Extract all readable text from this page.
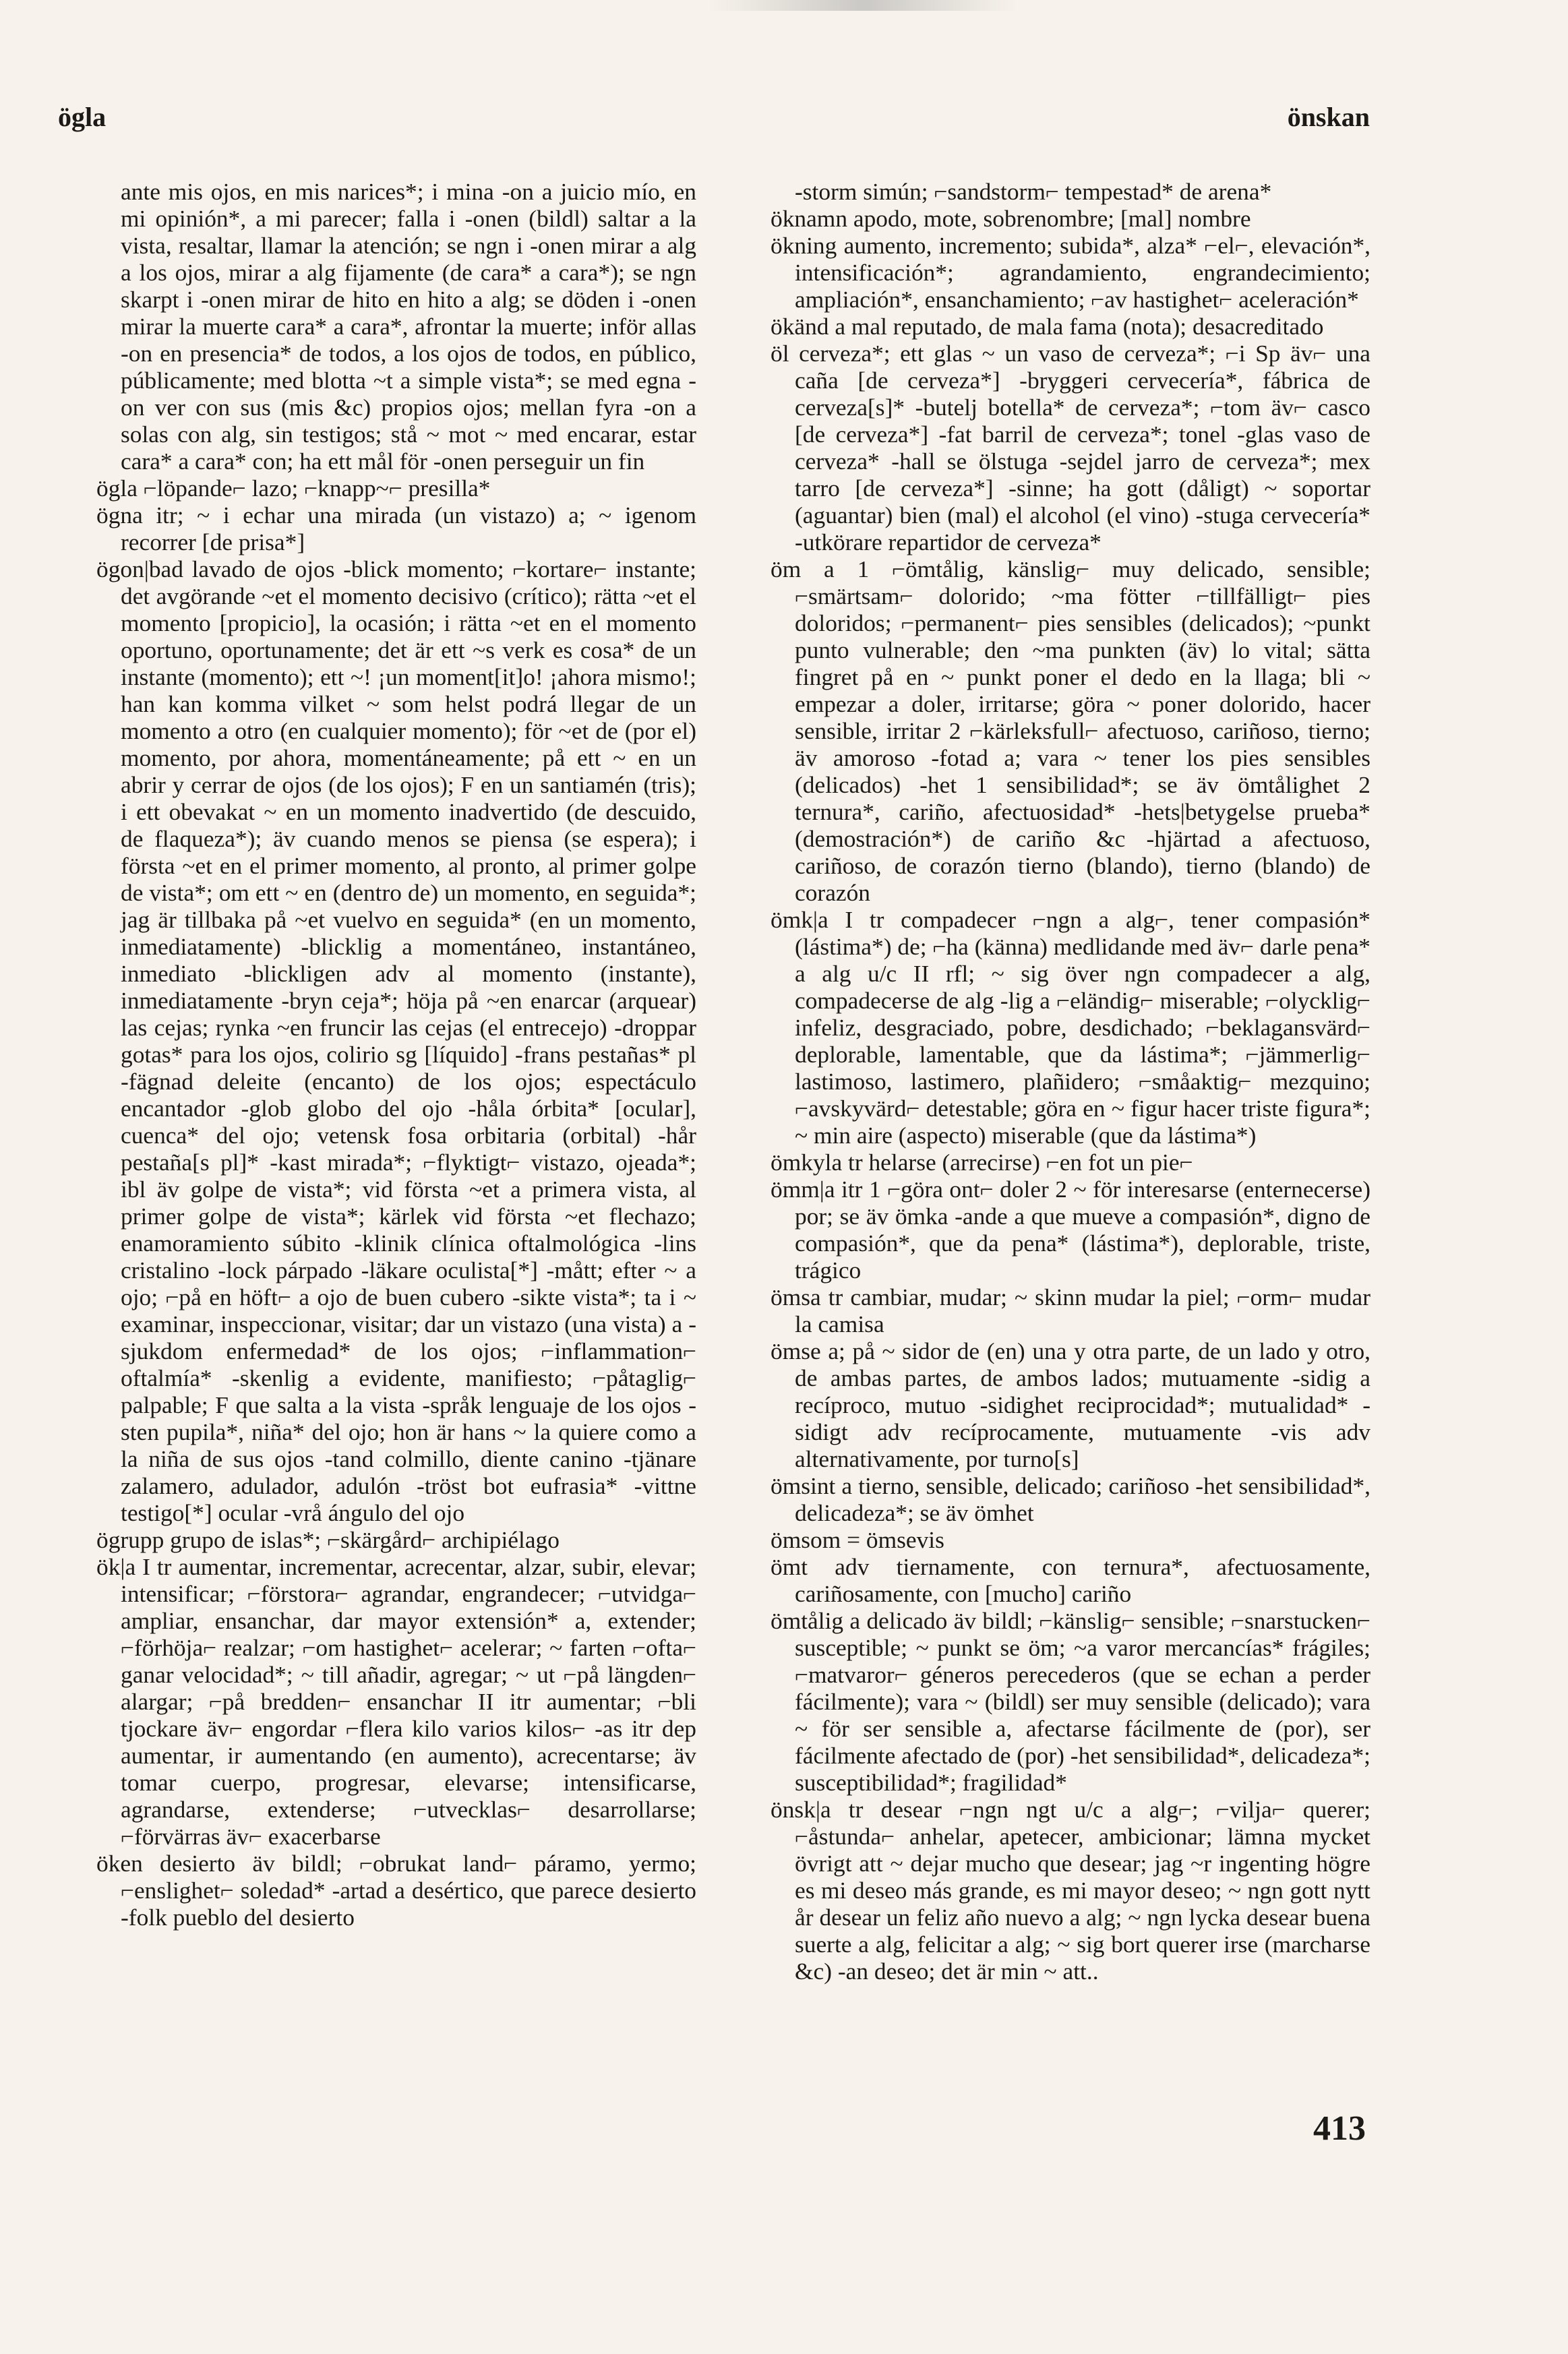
ögla	önskan

ante mis ojos, en mis narices*; i mina -on a juicio mío, en mi opinión*, a mi parecer; falla i -onen (bildl) saltar a la vista, resaltar, llamar la atención; se ngn i -onen mirar a alg a los ojos, mirar a alg fijamente (de cara* a cara*); se ngn skarpt i -onen mirar de hito en hito a alg; se döden i -onen mirar la muerte cara* a cara*, afrontar la muerte; inför allas -on en presencia* de todos, a los ojos de todos, en público, públicamente; med blotta ~t a simple vista*; se med egna -on ver con sus (mis &c) propios ojos; mellan fyra -on a solas con alg, sin testigos; stå ~ mot ~ med encarar, estar cara* a cara* con; ha ett mål för -onen perseguir un fin

ögla ⌐löpande⌐ lazo; ⌐knapp~⌐ presilla*

ögna itr; ~ i echar una mirada (un vistazo) a; ~ igenom recorrer [de prisa*]

ögon|bad lavado de ojos -blick momento; ⌐kortare⌐ instante; det avgörande ~et el momento decisivo (crítico); rätta ~et el momento [propicio], la ocasión; i rätta ~et en el momento oportuno, oportunamente; det är ett ~s verk es cosa* de un instante (momento); ett ~! ¡un moment[it]o! ¡ahora mismo!; han kan komma vilket ~ som helst podrá llegar de un momento a otro (en cualquier momento); för ~et de (por el) momento, por ahora, momentáneamente; på ett ~ en un abrir y cerrar de ojos (de los ojos); F en un santiamén (tris); i ett obevakat ~ en un momento inadvertido (de descuido, de flaqueza*); äv cuando menos se piensa (se espera); i första ~et en el primer momento, al pronto, al primer golpe de vista*; om ett ~ en (dentro de) un momento, en seguida*; jag är tillbaka på ~et vuelvo en seguida* (en un momento, inmediatamente) -blicklig a momentáneo, instantáneo, inmediato -blickligen adv al momento (instante), inmediatamente -bryn ceja*; höja på ~en enarcar (arquear) las cejas; rynka ~en fruncir las cejas (el entrecejo) -droppar gotas* para los ojos, colirio sg [líquido] -frans pestañas* pl -fägnad deleite (encanto) de los ojos; espectáculo encantador -glob globo del ojo -håla órbita* [ocular], cuenca* del ojo; vetensk fosa orbitaria (orbital) -hår pestaña[s pl]* -kast mirada*; ⌐flyktigt⌐ vistazo, ojeada*; ibl äv golpe de vista*; vid första ~et a primera vista, al primer golpe de vista*; kärlek vid första ~et flechazo; enamoramiento súbito -klinik clínica oftalmológica -lins cristalino -lock párpado -läkare oculista[*] -mått; efter ~ a ojo; ⌐på en höft⌐ a ojo de buen cubero -sikte vista*; ta i ~ examinar, inspeccionar, visitar; dar un vistazo (una vista) a -sjukdom enfermedad* de los ojos; ⌐inflammation⌐ oftalmía* -skenlig a evidente, manifiesto; ⌐påtaglig⌐ palpable; F que salta a la vista -språk lenguaje de los ojos -sten pupila*, niña* del ojo; hon är hans ~ la quiere como a la niña de sus ojos -tand colmillo, diente canino -tjänare zalamero, adulador, adulón -tröst bot eufrasia* -vittne testigo[*] ocular -vrå ángulo del ojo

ögrupp grupo de islas*; ⌐skärgård⌐ archipiélago

ök|a I tr aumentar, incrementar, acrecentar, alzar, subir, elevar; intensificar; ⌐förstora⌐ agrandar, engrandecer; ⌐utvidga⌐ ampliar, ensanchar, dar mayor extensión* a, extender; ⌐förhöja⌐ realzar; ⌐om hastighet⌐ acelerar; ~ farten ⌐ofta⌐ ganar velocidad*; ~ till añadir, agregar; ~ ut ⌐på längden⌐ alargar; ⌐på bredden⌐ ensanchar II itr aumentar; ⌐bli tjockare äv⌐ engordar ⌐flera kilo varios kilos⌐ -as itr dep aumentar, ir aumentando (en aumento), acrecentarse; äv tomar cuerpo, progresar, elevarse; intensificarse, agrandarse, extenderse; ⌐utvecklas⌐ desarrollarse; ⌐förvärras äv⌐ exacerbarse

öken desierto äv bildl; ⌐obrukat land⌐ páramo, yermo; ⌐enslighet⌐ soledad* -artad a desértico, que parece desierto -folk pueblo del desierto

-storm simún; ⌐sandstorm⌐ tempestad* de arena*

öknamn apodo, mote, sobrenombre; [mal] nombre

ökning aumento, incremento; subida*, alza* ⌐el⌐, elevación*, intensificación*; agrandamiento, engrandecimiento; ampliación*, ensanchamiento; ⌐av hastighet⌐ aceleración*

ökänd a mal reputado, de mala fama (nota); desacreditado

öl cerveza*; ett glas ~ un vaso de cerveza*; ⌐i Sp äv⌐ una caña [de cerveza*] -bryggeri cervecería*, fábrica de cerveza[s]* -butelj botella* de cerveza*; ⌐tom äv⌐ casco [de cerveza*] -fat barril de cerveza*; tonel -glas vaso de cerveza* -hall se ölstuga -sejdel jarro de cerveza*; mex tarro [de cerveza*] -sinne; ha gott (dåligt) ~ soportar (aguantar) bien (mal) el alcohol (el vino) -stuga cervecería* -utkörare repartidor de cerveza*

öm a 1 ⌐ömtålig, känslig⌐ muy delicado, sensible; ⌐smärtsam⌐ dolorido; ~ma fötter ⌐tillfälligt⌐ pies doloridos; ⌐permanent⌐ pies sensibles (delicados); ~punkt punto vulnerable; den ~ma punkten (äv) lo vital; sätta fingret på en ~ punkt poner el dedo en la llaga; bli ~ empezar a doler, irritarse; göra ~ poner dolorido, hacer sensible, irritar 2 ⌐kärleksfull⌐ afectuoso, cariñoso, tierno; äv amoroso -fotad a; vara ~ tener los pies sensibles (delicados) -het 1 sensibilidad*; se äv ömtålighet 2 ternura*, cariño, afectuosidad* -hets|betygelse prueba* (demostración*) de cariño &c -hjärtad a afectuoso, cariñoso, de corazón tierno (blando), tierno (blando) de corazón

ömk|a I tr compadecer ⌐ngn a alg⌐, tener compasión* (lástima*) de; ⌐ha (känna) medlidande med äv⌐ darle pena* a alg u/c II rfl; ~ sig över ngn compadecer a alg, compadecerse de alg -lig a ⌐eländig⌐ miserable; ⌐olycklig⌐ infeliz, desgraciado, pobre, desdichado; ⌐beklagansvärd⌐ deplorable, lamentable, que da lástima*; ⌐jämmerlig⌐ lastimoso, lastimero, plañidero; ⌐småaktig⌐ mezquino; ⌐avskyvärd⌐ detestable; göra en ~ figur hacer triste figura*; ~ min aire (aspecto) miserable (que da lástima*)

ömkyla tr helarse (arrecirse) ⌐en fot un pie⌐

ömm|a itr 1 ⌐göra ont⌐ doler 2 ~ för interesarse (enternecerse) por; se äv ömka -ande a que mueve a compasión*, digno de compasión*, que da pena* (lástima*), deplorable, triste, trágico

ömsa tr cambiar, mudar; ~ skinn mudar la piel; ⌐orm⌐ mudar la camisa

ömse a; på ~ sidor de (en) una y otra parte, de un lado y otro, de ambas partes, de ambos lados; mutuamente -sidig a recíproco, mutuo -sidighet reciprocidad*; mutualidad* -sidigt adv recíprocamente, mutuamente -vis adv alternativamente, por turno[s]

ömsint a tierno, sensible, delicado; cariñoso -het sensibilidad*, delicadeza*; se äv ömhet

ömsom = ömsevis

ömt adv tiernamente, con ternura*, afectuosamente, cariñosamente, con [mucho] cariño

ömtålig a delicado äv bildl; ⌐känslig⌐ sensible; ⌐snarstucken⌐ susceptible; ~ punkt se öm; ~a varor mercancías* frágiles; ⌐matvaror⌐ géneros perecederos (que se echan a perder fácilmente); vara ~ (bildl) ser muy sensible (delicado); vara ~ för ser sensible a, afectarse fácilmente de (por), ser fácilmente afectado de (por) -het sensibilidad*, delicadeza*; susceptibilidad*; fragilidad*

önsk|a tr desear ⌐ngn ngt u/c a alg⌐; ⌐vilja⌐ querer; ⌐åstunda⌐ anhelar, apetecer, ambicionar; lämna mycket övrigt att ~ dejar mucho que desear; jag ~r ingenting högre es mi deseo más grande, es mi mayor deseo; ~ ngn gott nytt år desear un feliz año nuevo a alg; ~ ngn lycka desear buena suerte a alg, felicitar a alg; ~ sig bort querer irse (marcharse &c) -an deseo; det är min ~ att..

413
